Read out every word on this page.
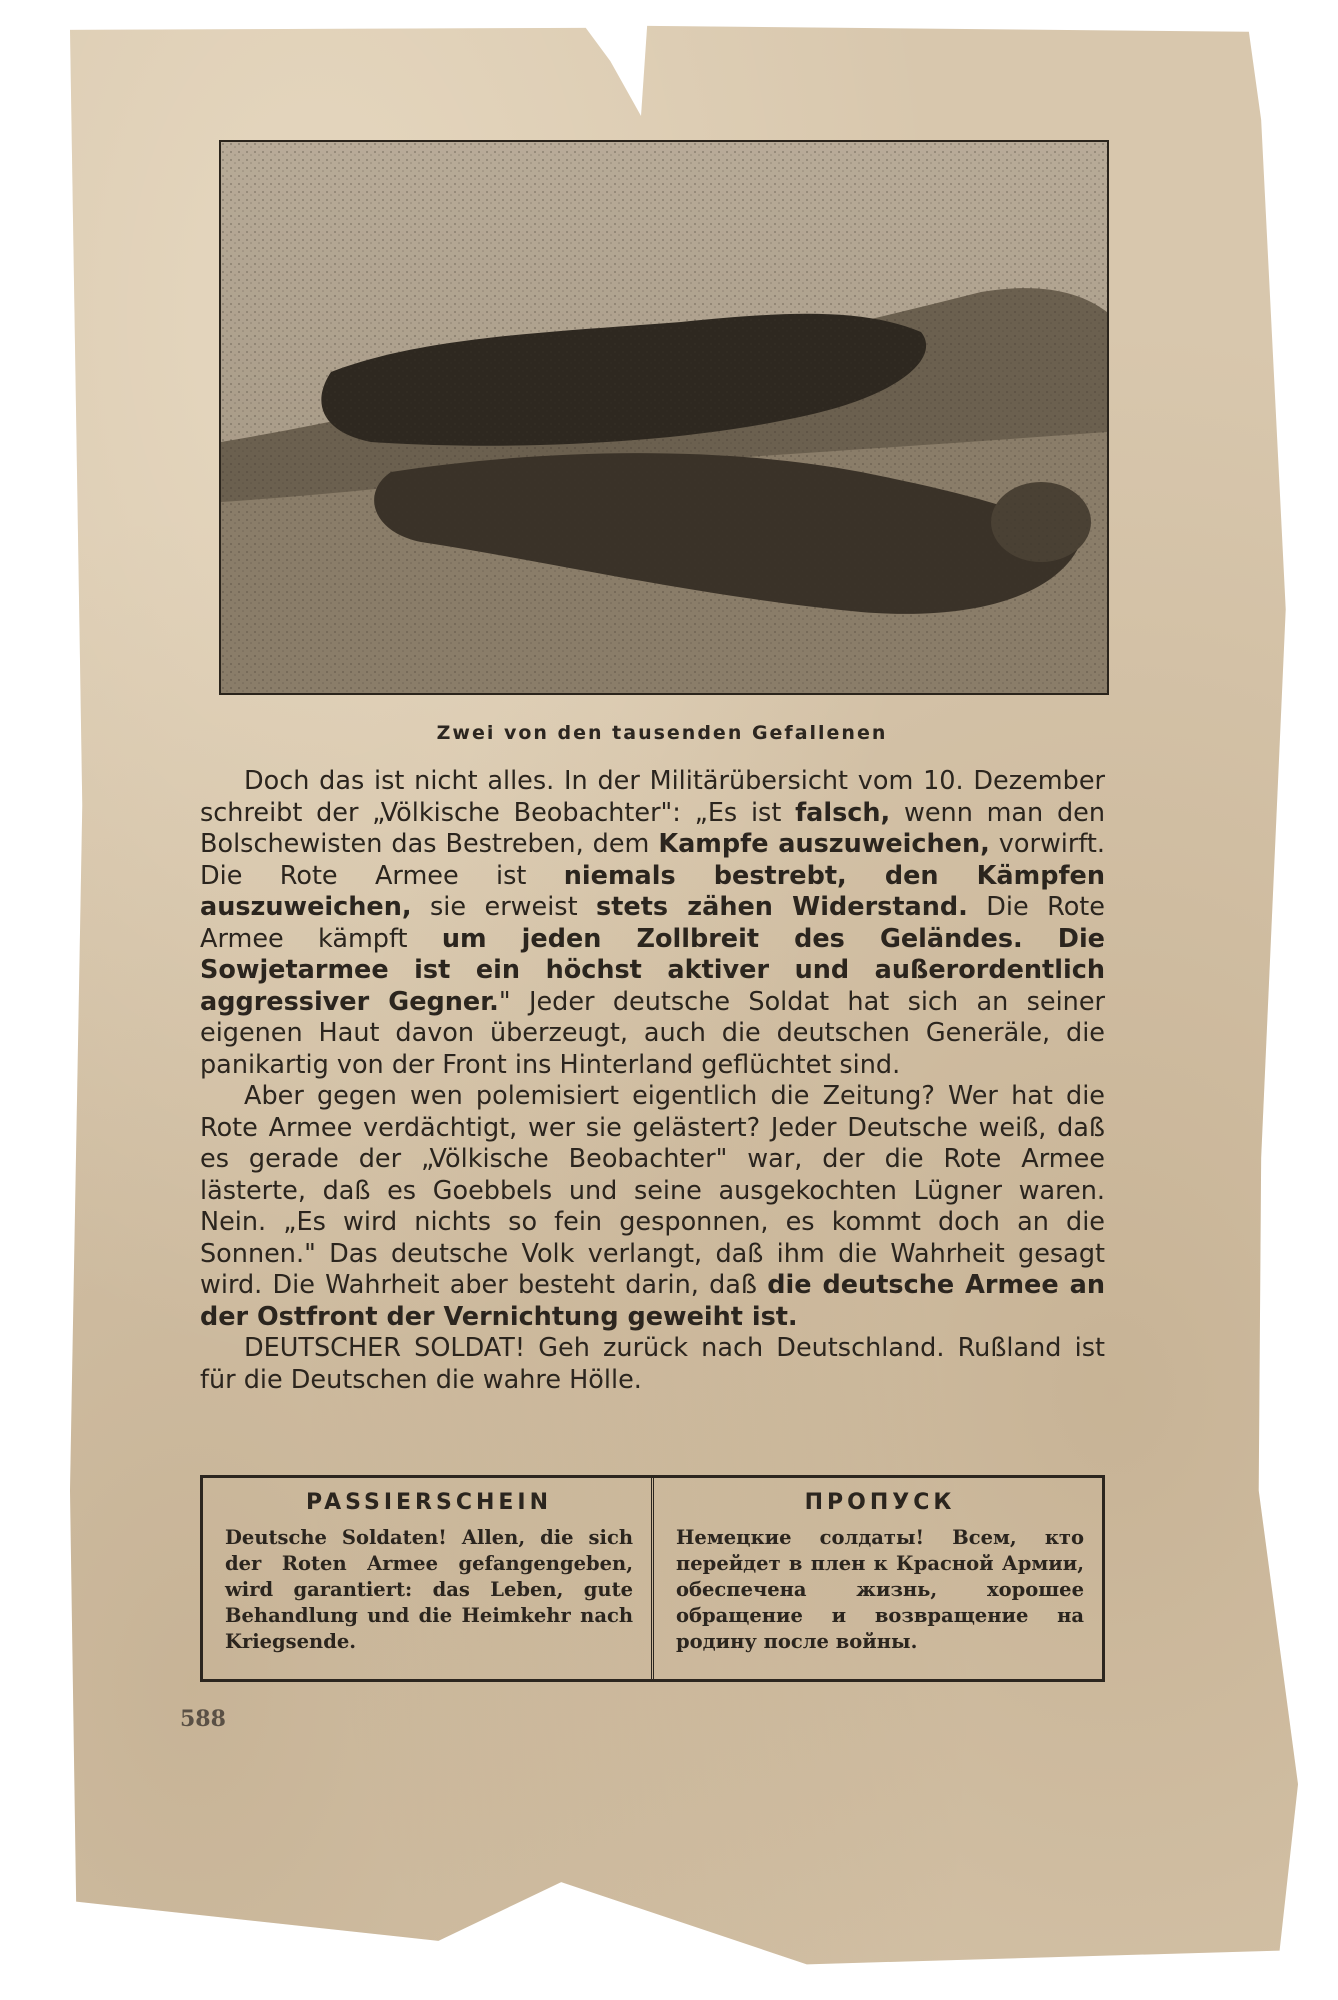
Zwei von den tausenden Gefallenen

Doch das ist nicht alles. In der Militärübersicht vom 10. Dezember schreibt der „Völkische Beobachter": „Es ist falsch, wenn man den Bolschewisten das Bestreben, dem Kampfe auszuweichen, vorwirft. Die Rote Armee ist niemals bestrebt, den Kämpfen auszuweichen, sie erweist stets zähen Widerstand. Die Rote Armee kämpft um jeden Zollbreit des Geländes. Die Sowjetarmee ist ein höchst aktiver und außerordentlich aggressiver Gegner." Jeder deutsche Soldat hat sich an seiner eigenen Haut davon überzeugt, auch die deutschen Generäle, die panikartig von der Front ins Hinterland geflüchtet sind.

Aber gegen wen polemisiert eigentlich die Zeitung? Wer hat die Rote Armee verdächtigt, wer sie gelästert? Jeder Deutsche weiß, daß es gerade der „Völkische Beobachter" war, der die Rote Armee lästerte, daß es Goebbels und seine ausgekochten Lügner waren. Nein. „Es wird nichts so fein gesponnen, es kommt doch an die Sonnen." Das deutsche Volk verlangt, daß ihm die Wahrheit gesagt wird. Die Wahrheit aber besteht darin, daß die deutsche Armee an der Ostfront der Vernichtung geweiht ist.

DEUTSCHER SOLDAT! Geh zurück nach Deutschland. Rußland ist für die Deutschen die wahre Hölle.

PASSIERSCHEIN
Deutsche Soldaten! Allen, die sich der Roten Armee gefangengeben, wird garantiert: das Leben, gute Behandlung und die Heimkehr nach Kriegsende.
ПРОПУСК
Немецкие солдаты! Всем, кто перейдет в плен к Красной Армии, обеспечена жизнь, хорошее обращение и возвращение на родину после войны.
588
